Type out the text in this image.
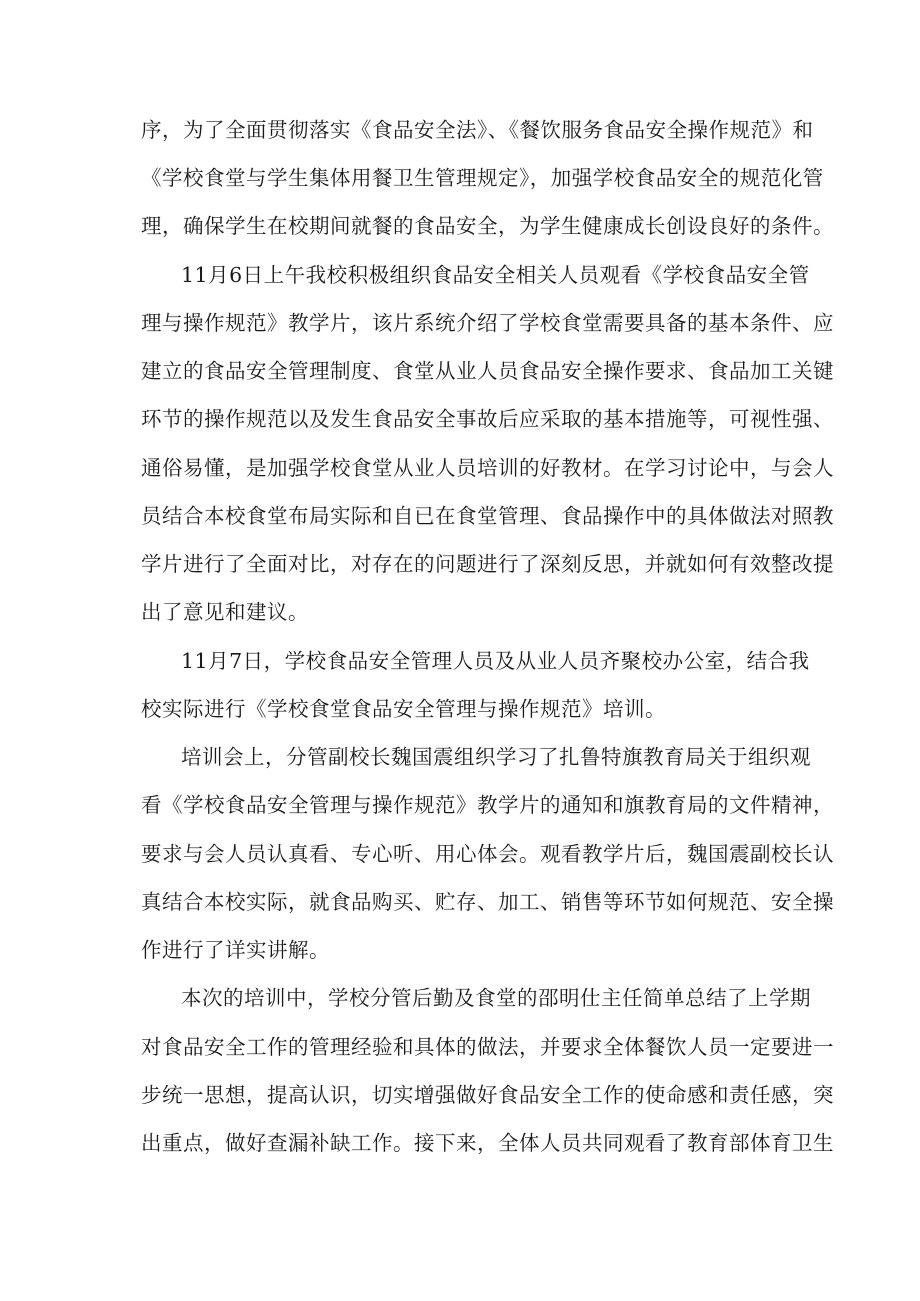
序，为了全面贯彻落实《食品安全法》、《餐饮服务食品安全操作规范》和

《学校食堂与学生集体用餐卫生管理规定》，加强学校食品安全的规范化管

理，确保学生在校期间就餐的食品安全，为学生健康成长创设良好的条件。

11月6日上午我校积极组织食品安全相关人员观看《学校食品安全管

理与操作规范》教学片，该片系统介绍了学校食堂需要具备的基本条件、应

建立的食品安全管理制度、食堂从业人员食品安全操作要求、食品加工关键

环节的操作规范以及发生食品安全事故后应采取的基本措施等，可视性强、

通俗易懂，是加强学校食堂从业人员培训的好教材。在学习讨论中，与会人

员结合本校食堂布局实际和自已在食堂管理、食品操作中的具体做法对照教

学片进行了全面对比，对存在的问题进行了深刻反思，并就如何有效整改提

出了意见和建议。

11月7日，学校食品安全管理人员及从业人员齐聚校办公室，结合我

校实际进行《学校食堂食品安全管理与操作规范》培训。

培训会上，分管副校长魏国震组织学习了扎鲁特旗教育局关于组织观

看《学校食品安全管理与操作规范》教学片的通知和旗教育局的文件精神，

要求与会人员认真看、专心听、用心体会。观看教学片后，魏国震副校长认

真结合本校实际，就食品购买、贮存、加工、销售等环节如何规范、安全操

作进行了详实讲解。

本次的培训中，学校分管后勤及食堂的邵明仕主任简单总结了上学期

对食品安全工作的管理经验和具体的做法，并要求全体餐饮人员一定要进一

步统一思想，提高认识，切实增强做好食品安全工作的使命感和责任感，突

出重点，做好查漏补缺工作。接下来，全体人员共同观看了教育部体育卫生
